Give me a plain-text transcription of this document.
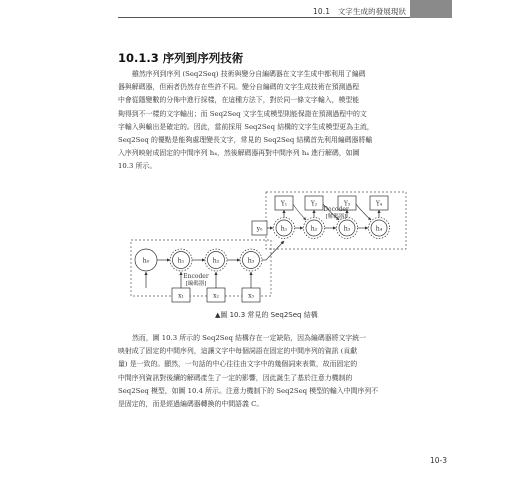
10.1　文字生成的發展現狀
10.1.3 序列到序列技術
雖然序列到序列 (Seq2Seq) 技術與變分自編碼器在文字生成中都利用了編碼
器與解碼器，但兩者仍然存在些許不同。變分自編碼的文字生成技術在預測過程
中會從隱變數的分佈中進行採樣，在這種方法下，對於同一條文字輸入，模型能
夠得到不一樣的文字輸出；而 Seq2Seq 文字生成模型則能保證在預測過程中的文
字輸入與輸出是確定的。因此，當前採用 Seq2Seq 結構的文字生成模型更為主流，
Seq2Seq 的優點是能夠處理變長文字，常見的 Seq2Seq 結構首先利用編碼器將輸
入序列映射成固定的中間序列 h₄，然後解碼器再對中間序列 h₄ 進行解碼，如圖
10.3 所示。
h₀	h₁	h₂	h₃
x₁	x₂	x₃
Encoder
[編碼器]
y₀	h₁	h₂	h₃	h₄
Y₁	Y₂	Y₃	Y₄
Decoder
[解碼器]
▲圖 10.3 常見的 Seq2Seq 結構
然而，圖 10.3 所示的 Seq2Seq 結構存在一定缺陷，因為編碼器將文字統一
映射成了固定的中間序列，這讓文字中每個詞語在固定的中間序列的資訊 (貢獻
量) 是一致的。顯然，一句話的中心往往由文字中的幾個詞來表徵，故而固定的
中間序列資訊對後續的解碼產生了一定的影響，因此誕生了基於注意力機制的
Seq2Seq 模型，如圖 10.4 所示。注意力機制下的 Seq2Seq 模型的輸入中間序列不
是固定的，而是經過編碼器轉換的中間語義 C。
10-3
